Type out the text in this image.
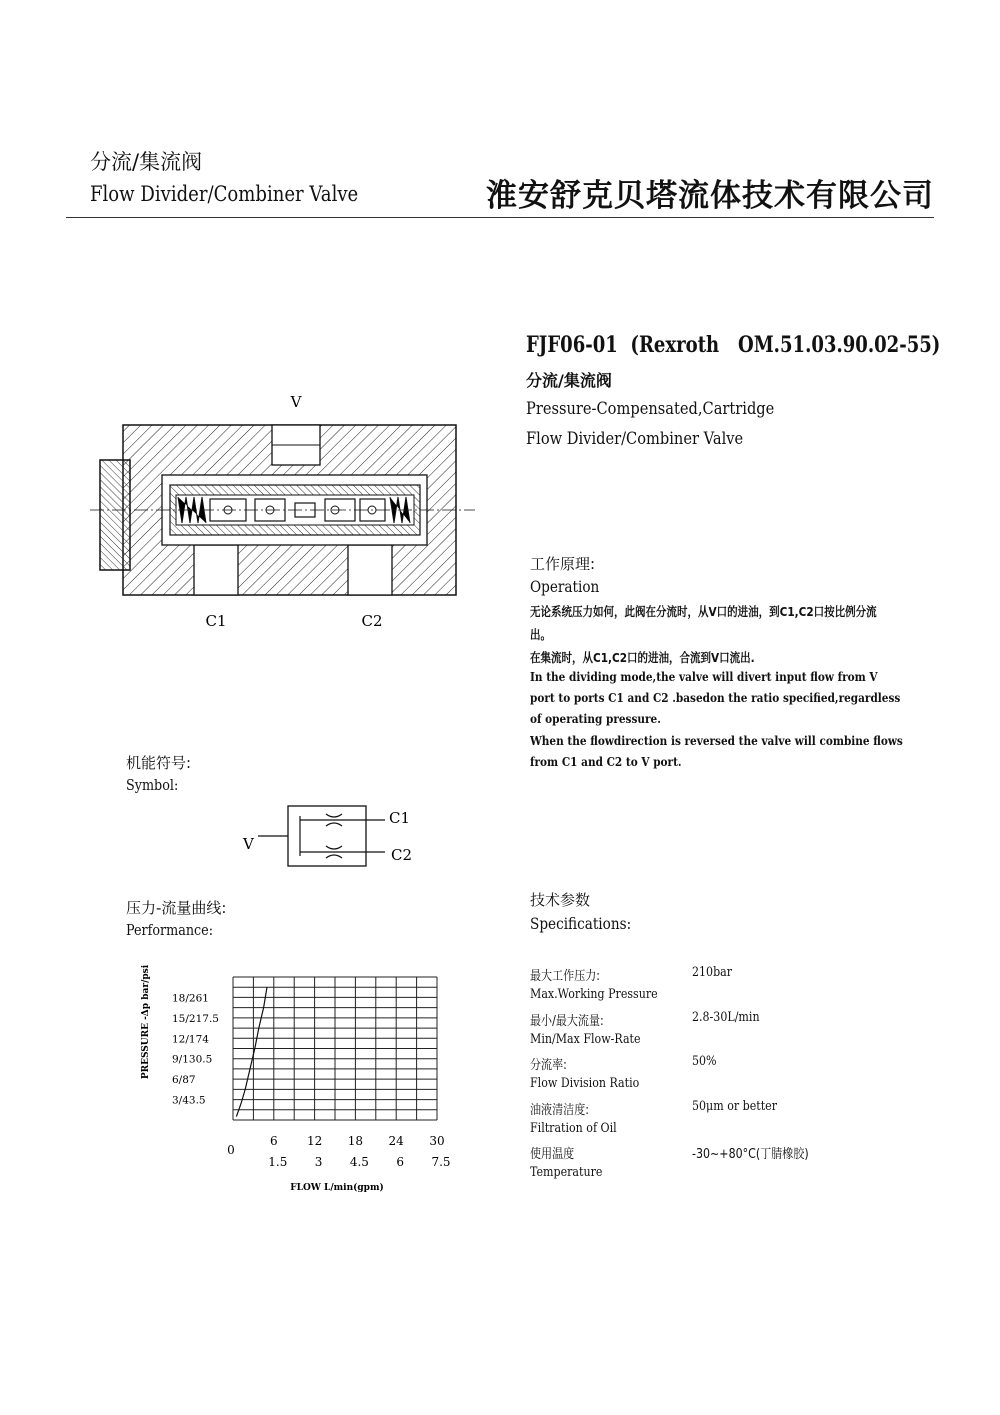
分流/集流阀
Flow Divider/Combiner Valve	淮安舒克贝塔流体技术有限公司
FJF06-01  (Rexroth   OM.51.03.90.02-55)
分流/集流阀
Pressure-Compensated,Cartridge
Flow Divider/Combiner Valve
V
C1	C2
工作原理:
Operation
无论系统压力如何，此阀在分流时，从V口的进油，到C1,C2口按比例分流
出。
在集流时，从C1,C2口的进油，合流到V口流出.
In the dividing mode,the valve will divert input flow from V
port to ports C1 and C2 .basedon the ratio specified,regardless
of operating pressure.
When the flowdirection is reversed the valve will combine flows
from C1 and C2 to V port.
机能符号:
Symbol:
V
C1
C2
压力-流量曲线:
Performance:
3/43.5
6/87
9/130.5
12/174
15/217.5
18/261
6 12 18 24 30
1.5 3 4.5 6 7.5
PRESSURE -Δp bar/psi
FLOW L/min(gpm)
0
技术参数
Specifications:
最大工作压力:	210bar
Max.Working Pressure
最小/最大流量:	2.8-30L/min
Min/Max Flow-Rate
分流率:	50%
Flow Division Ratio
油液清洁度:	50μm or better
Filtration of Oil
使用温度	-30~+80°C(丁腈橡胶)
Temperature
